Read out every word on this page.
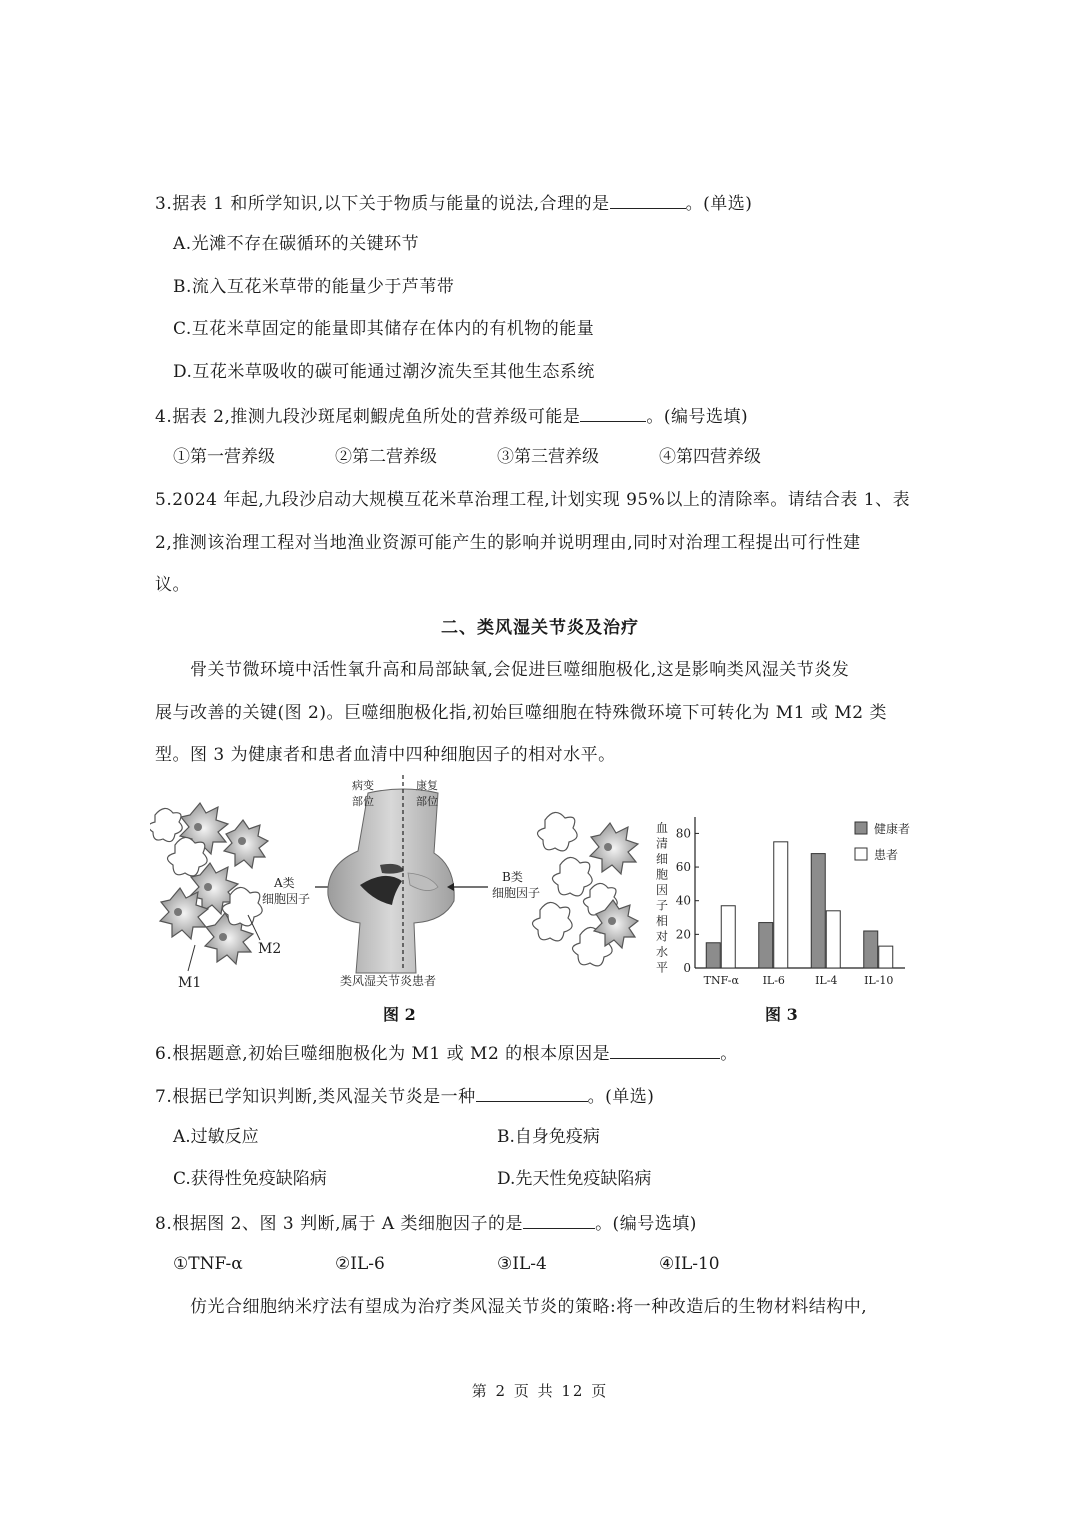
3.据表 1 和所学知识,以下关于物质与能量的说法,合理的是	。(单选)
A.光滩不存在碳循环的关键环节
B.流入互花米草带的能量少于芦苇带
C.互花米草固定的能量即其储存在体内的有机物的能量
D.互花米草吸收的碳可能通过潮汐流失至其他生态系统
4.据表 2,推测九段沙斑尾刺鰕虎鱼所处的营养级可能是	。(编号选填)
①第一营养级	②第二营养级	③第三营养级	④第四营养级
5.2024 年起,九段沙启动大规模互花米草治理工程,计划实现 95%以上的清除率。请结合表 1、表
2,推测该治理工程对当地渔业资源可能产生的影响并说明理由,同时对治理工程提出可行性建
议。
二、类风湿关节炎及治疗
骨关节微环境中活性氧升高和局部缺氧,会促进巨噬细胞极化,这是影响类风湿关节炎发
展与改善的关键(图 2)。巨噬细胞极化指,初始巨噬细胞在特殊微环境下可转化为 M1 或 M2 类
型。图 3 为健康者和患者血清中四种细胞因子的相对水平。
M1
M2
A类
细胞因子
病变
部位
康复
部位
类风湿关节炎患者
B类
细胞因子
图 2
血
清
细
胞
因
子
相
对
水
平 0
20
40
60
80
TNF-α IL-6	IL-4 IL-10
健康者
患者
图 3
6.根据题意,初始巨噬细胞极化为 M1 或 M2 的根本原因是	。
7.根据已学知识判断,类风湿关节炎是一种	。(单选)
A.过敏反应	B.自身免疫病
C.获得性免疫缺陷病	D.先天性免疫缺陷病
8.根据图 2、图 3 判断,属于 A 类细胞因子的是	。(编号选填)
①TNF-α	②IL-6	③IL-4	④IL-10
仿光合细胞纳米疗法有望成为治疗类风湿关节炎的策略:将一种改造后的生物材料结构中,
第 2 页 共 12 页
